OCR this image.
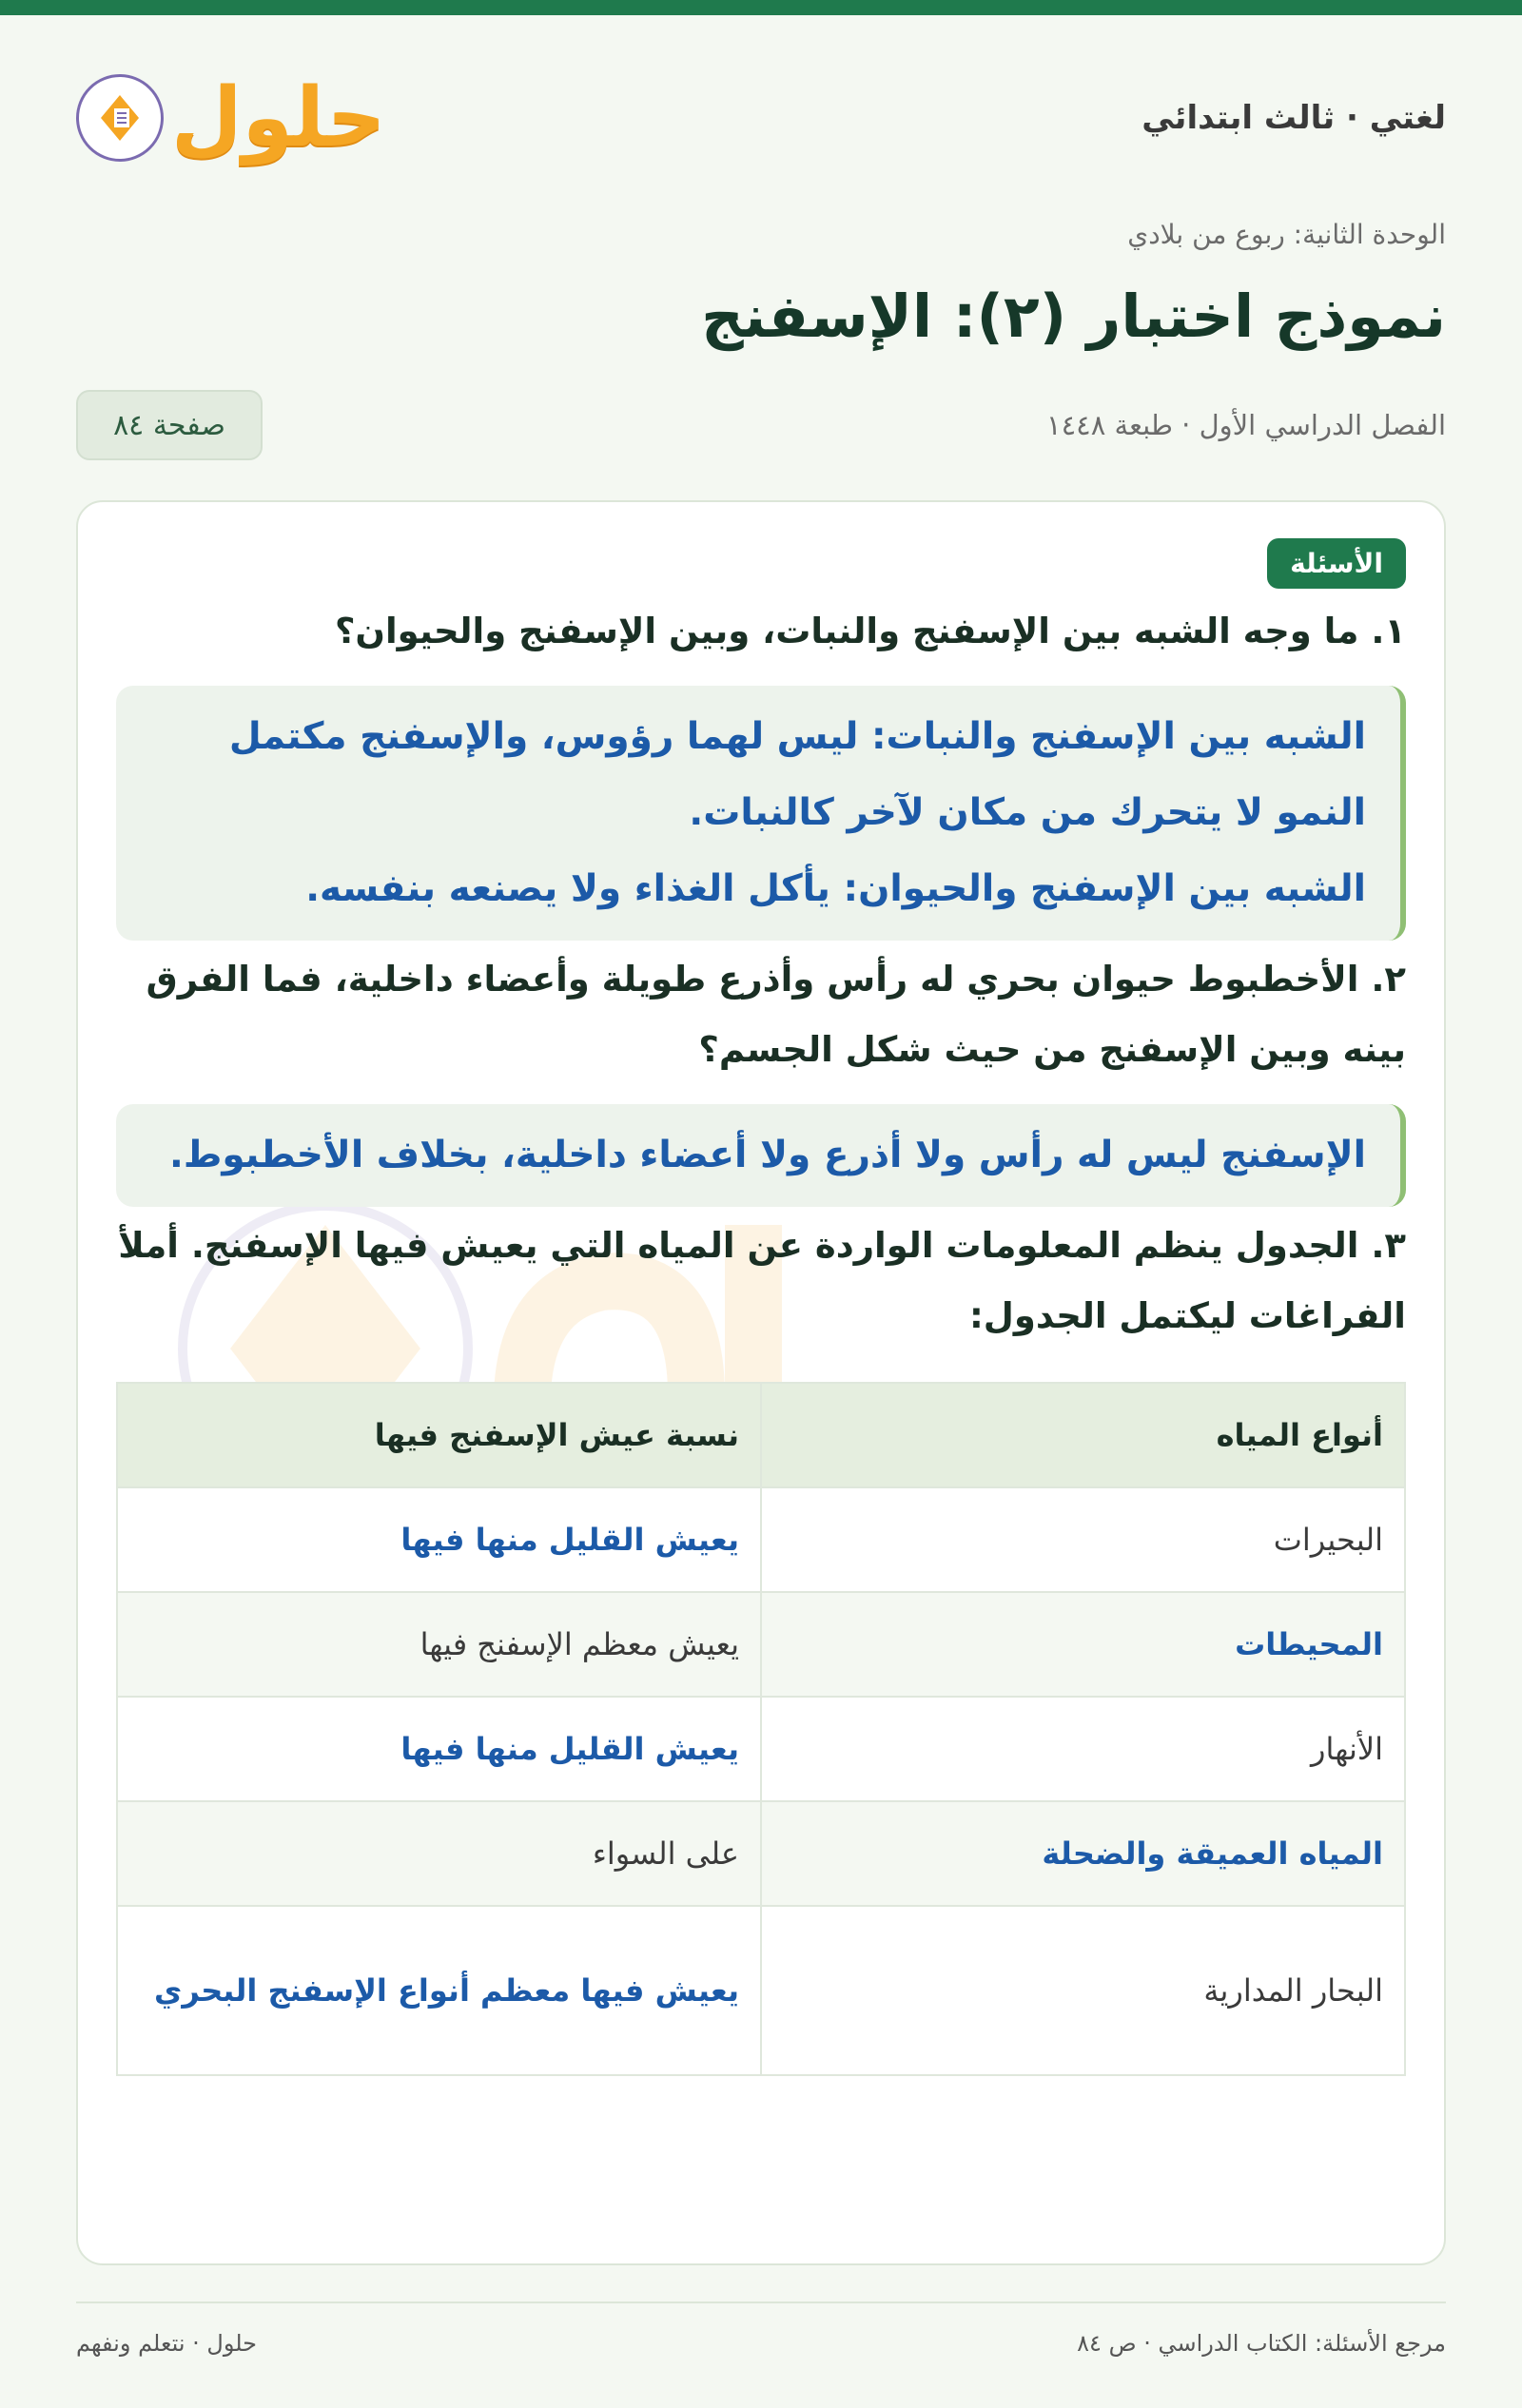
لغتي · ثالث ابتدائي
حلول
الوحدة الثانية: ربوع من بلادي
نموذج اختبار (٢): الإسفنج
الفصل الدراسي الأول · طبعة ١٤٤٨
صفحة ٨٤
الأسئلة

١. ما وجه الشبه بين الإسفنج والنبات، وبين الإسفنج والحيوان؟

الشبه بين الإسفنج والنبات: ليس لهما رؤوس، والإسفنج مكتمل النمو لا يتحرك من مكان لآخر كالنبات.

الشبه بين الإسفنج والحيوان: يأكل الغذاء ولا يصنعه بنفسه.

٢. الأخطبوط حيوان بحري له رأس وأذرع طويلة وأعضاء داخلية، فما الفرق بينه وبين الإسفنج من حيث شكل الجسم؟

الإسفنج ليس له رأس ولا أذرع ولا أعضاء داخلية، بخلاف الأخطبوط.

٣. الجدول ينظم المعلومات الواردة عن المياه التي يعيش فيها الإسفنج. أملأ الفراغات ليكتمل الجدول:

أنواع المياه	نسبة عيش الإسفنج فيها
البحيرات	يعيش القليل منها فيها
المحيطات	يعيش معظم الإسفنج فيها
الأنهار	يعيش القليل منها فيها
المياه العميقة والضحلة	على السواء
البحار المدارية	يعيش فيها معظم أنواع الإسفنج البحري
مرجع الأسئلة: الكتاب الدراسي · ص ٨٤
حلول · نتعلم ونفهم
